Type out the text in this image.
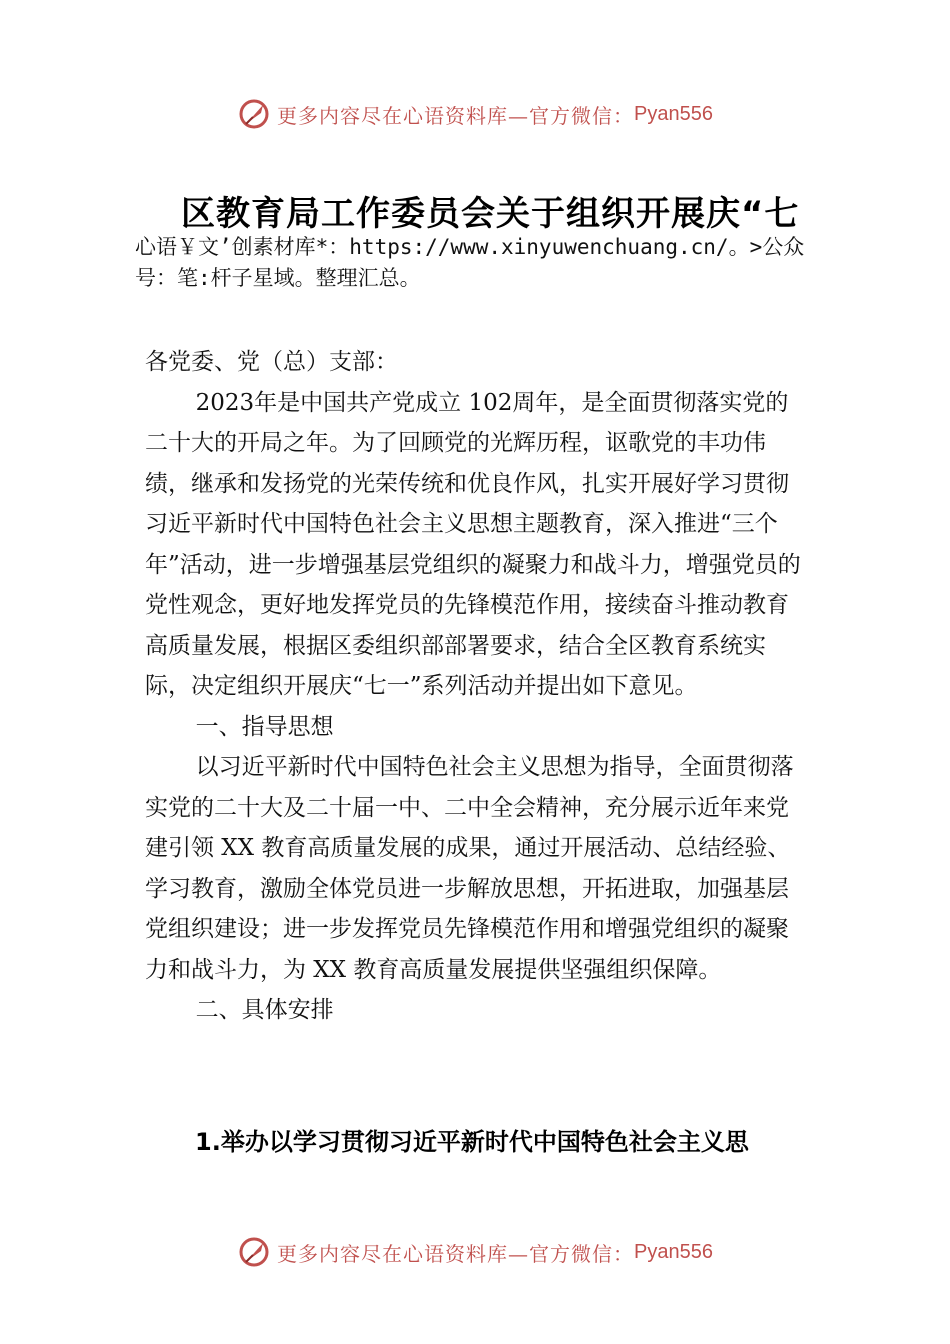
更多内容尽在心语资料库—官方微信： Pyan556
区教育局工作委员会关于组织开展庆“七
心语￥文’创素材库*：https://www.xinyuwenchuang.cn/。>公众号：笔:杆子星域。整理汇总。

各党委、党（总）支部：

2023年是中国共产党成立 102周年，是全面贯彻落实党的二十大的开局之年。为了回顾党的光辉历程，讴歌党的丰功伟绩，继承和发扬党的光荣传统和优良作风，扎实开展好学习贯彻习近平新时代中国特色社会主义思想主题教育，深入推进“三个年”活动，进一步增强基层党组织的凝聚力和战斗力，增强党员的党性观念，更好地发挥党员的先锋模范作用，接续奋斗推动教育高质量发展，根据区委组织部部署要求，结合全区教育系统实际，决定组织开展庆“七一”系列活动并提出如下意见。

一、指导思想

以习近平新时代中国特色社会主义思想为指导，全面贯彻落实党的二十大及二十届一中、二中全会精神，充分展示近年来党建引领 XX 教育高质量发展的成果，通过开展活动、总结经验、学习教育，激励全体党员进一步解放思想，开拓进取，加强基层党组织建设；进一步发挥党员先锋模范作用和增强党组织的凝聚力和战斗力，为 XX 教育高质量发展提供坚强组织保障。

二、具体安排

1.举办以学习贯彻习近平新时代中国特色社会主义思
更多内容尽在心语资料库—官方微信： Pyan556
